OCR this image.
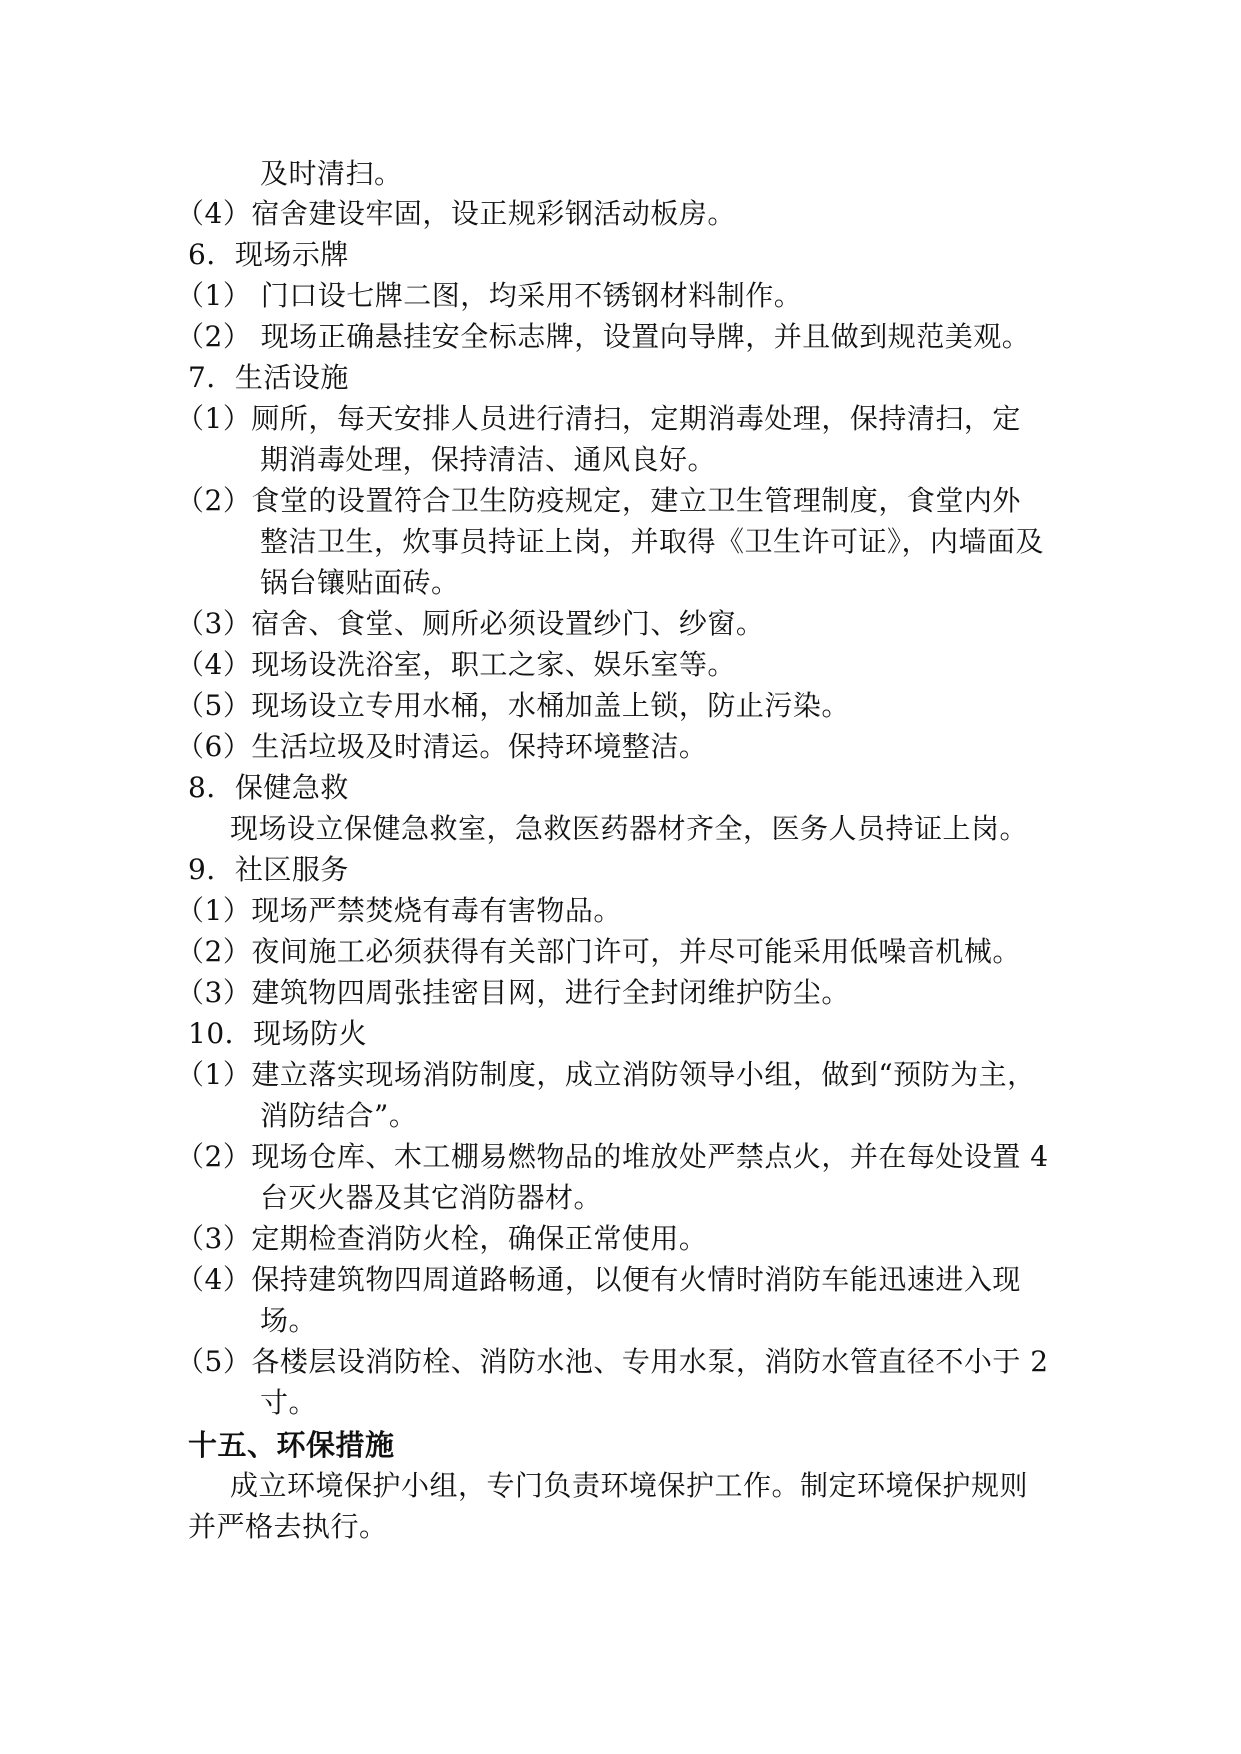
及时清扫。
（4）宿舍建设牢固，设正规彩钢活动板房。
6．现场示牌
（1） 门口设七牌二图，均采用不锈钢材料制作。
（2） 现场正确悬挂安全标志牌，设置向导牌，并且做到规范美观。
7．生活设施
（1）厕所，每天安排人员进行清扫，定期消毒处理，保持清扫，定
期消毒处理，保持清洁、通风良好。
（2）食堂的设置符合卫生防疫规定，建立卫生管理制度，食堂内外
整洁卫生，炊事员持证上岗，并取得《卫生许可证》，内墙面及
锅台镶贴面砖。
（3）宿舍、食堂、厕所必须设置纱门、纱窗。
（4）现场设洗浴室，职工之家、娱乐室等。
（5）现场设立专用水桶，水桶加盖上锁，防止污染。
（6）生活垃圾及时清运。保持环境整洁。
8．保健急救
现场设立保健急救室，急救医药器材齐全，医务人员持证上岗。
9．社区服务
（1）现场严禁焚烧有毒有害物品。
（2）夜间施工必须获得有关部门许可，并尽可能采用低噪音机械。
（3）建筑物四周张挂密目网，进行全封闭维护防尘。
10．现场防火
（1）建立落实现场消防制度，成立消防领导小组，做到“预防为主，
消防结合”。
（2）现场仓库、木工棚易燃物品的堆放处严禁点火，并在每处设置 4
台灭火器及其它消防器材。
（3）定期检查消防火栓，确保正常使用。
（4）保持建筑物四周道路畅通，以便有火情时消防车能迅速进入现
场。
（5）各楼层设消防栓、消防水池、专用水泵，消防水管直径不小于 2
寸。
十五、环保措施
成立环境保护小组，专门负责环境保护工作。制定环境保护规则
并严格去执行。
